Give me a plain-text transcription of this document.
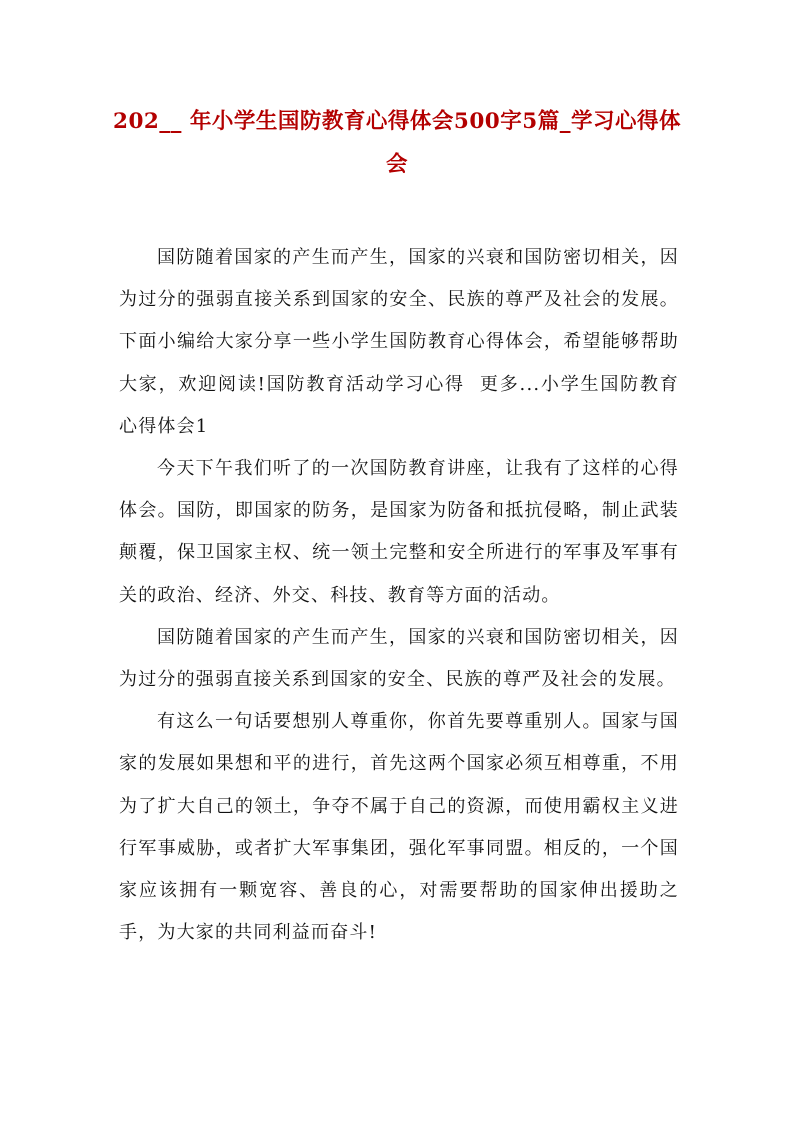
202__ 年小学生国防教育心得体会500字5篇_学习心得体会

国防随着国家的产生而产生，国家的兴衰和国防密切相关，因为过分的强弱直接关系到国家的安全、民族的尊严及社会的发展。下面小编给大家分享一些小学生国防教育心得体会，希望能够帮助大家，欢迎阅读!国防教育活动学习心得  更多...小学生国防教育心得体会1

今天下午我们听了的一次国防教育讲座，让我有了这样的心得体会。国防，即国家的防务，是国家为防备和抵抗侵略，制止武装颠覆，保卫国家主权、统一领土完整和安全所进行的军事及军事有关的政治、经济、外交、科技、教育等方面的活动。

国防随着国家的产生而产生，国家的兴衰和国防密切相关，因为过分的强弱直接关系到国家的安全、民族的尊严及社会的发展。

有这么一句话要想别人尊重你，你首先要尊重别人。国家与国家的发展如果想和平的进行，首先这两个国家必须互相尊重，不用为了扩大自己的领土，争夺不属于自己的资源，而使用霸权主义进行军事威胁，或者扩大军事集团，强化军事同盟。相反的，一个国家应该拥有一颗宽容、善良的心，对需要帮助的国家伸出援助之手，为大家的共同利益而奋斗!
